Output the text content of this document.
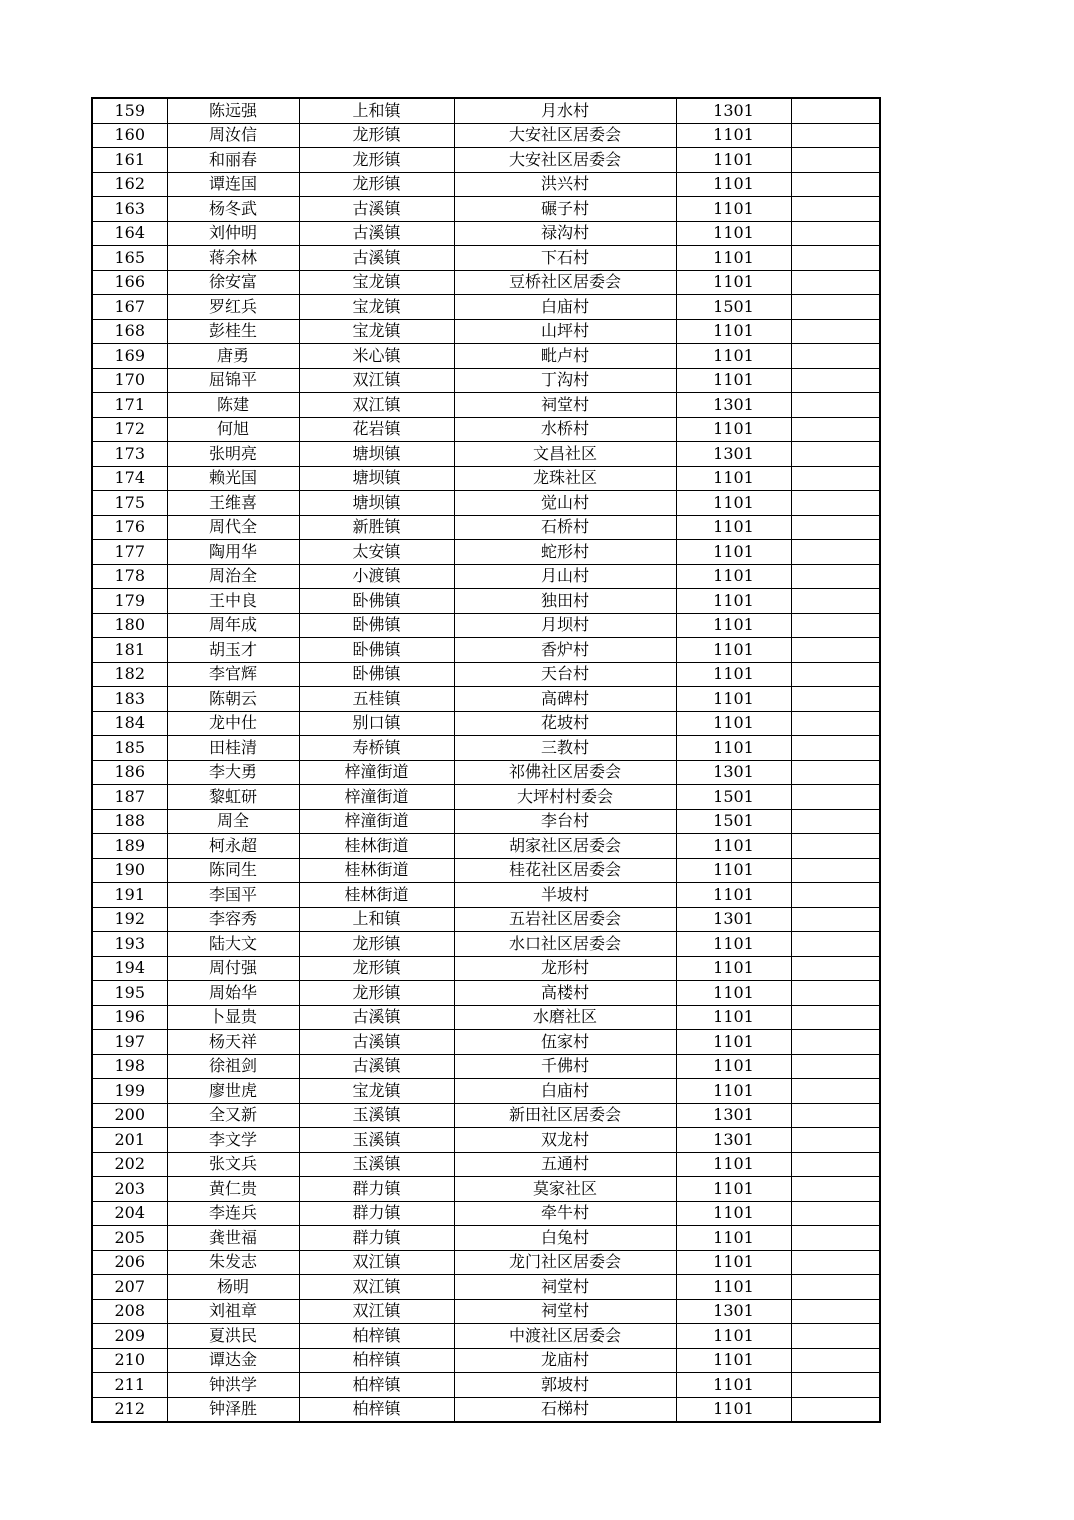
159	陈远强	上和镇	月水村	1301	
160	周汝信	龙形镇	大安社区居委会	1101	
161	和丽春	龙形镇	大安社区居委会	1101	
162	谭连国	龙形镇	洪兴村	1101	
163	杨冬武	古溪镇	碾子村	1101	
164	刘仲明	古溪镇	禄沟村	1101	
165	蒋余林	古溪镇	下石村	1101	
166	徐安富	宝龙镇	豆桥社区居委会	1101	
167	罗红兵	宝龙镇	白庙村	1501	
168	彭桂生	宝龙镇	山坪村	1101	
169	唐勇	米心镇	毗卢村	1101	
170	屈锦平	双江镇	丁沟村	1101	
171	陈建	双江镇	祠堂村	1301	
172	何旭	花岩镇	水桥村	1101	
173	张明亮	塘坝镇	文昌社区	1301	
174	赖光国	塘坝镇	龙珠社区	1101	
175	王维喜	塘坝镇	觉山村	1101	
176	周代全	新胜镇	石桥村	1101	
177	陶用华	太安镇	蛇形村	1101	
178	周治全	小渡镇	月山村	1101	
179	王中良	卧佛镇	独田村	1101	
180	周年成	卧佛镇	月坝村	1101	
181	胡玉才	卧佛镇	香炉村	1101	
182	李官辉	卧佛镇	天台村	1101	
183	陈朝云	五桂镇	高碑村	1101	
184	龙中仕	别口镇	花坡村	1101	
185	田桂清	寿桥镇	三教村	1101	
186	李大勇	梓潼街道	祁佛社区居委会	1301	
187	黎虹研	梓潼街道	大坪村村委会	1501	
188	周全	梓潼街道	李台村	1501	
189	柯永超	桂林街道	胡家社区居委会	1101	
190	陈同生	桂林街道	桂花社区居委会	1101	
191	李国平	桂林街道	半坡村	1101	
192	李容秀	上和镇	五岩社区居委会	1301	
193	陆大文	龙形镇	水口社区居委会	1101	
194	周付强	龙形镇	龙形村	1101	
195	周始华	龙形镇	高楼村	1101	
196	卜显贵	古溪镇	水磨社区	1101	
197	杨天祥	古溪镇	伍家村	1101	
198	徐祖剑	古溪镇	千佛村	1101	
199	廖世虎	宝龙镇	白庙村	1101	
200	全又新	玉溪镇	新田社区居委会	1301	
201	李文学	玉溪镇	双龙村	1301	
202	张文兵	玉溪镇	五通村	1101	
203	黄仁贵	群力镇	莫家社区	1101	
204	李连兵	群力镇	牵牛村	1101	
205	龚世福	群力镇	白兔村	1101	
206	朱发志	双江镇	龙门社区居委会	1101	
207	杨明	双江镇	祠堂村	1101	
208	刘祖章	双江镇	祠堂村	1301	
209	夏洪民	柏梓镇	中渡社区居委会	1101	
210	谭达金	柏梓镇	龙庙村	1101	
211	钟洪学	柏梓镇	郭坡村	1101	
212	钟泽胜	柏梓镇	石梯村	1101	
